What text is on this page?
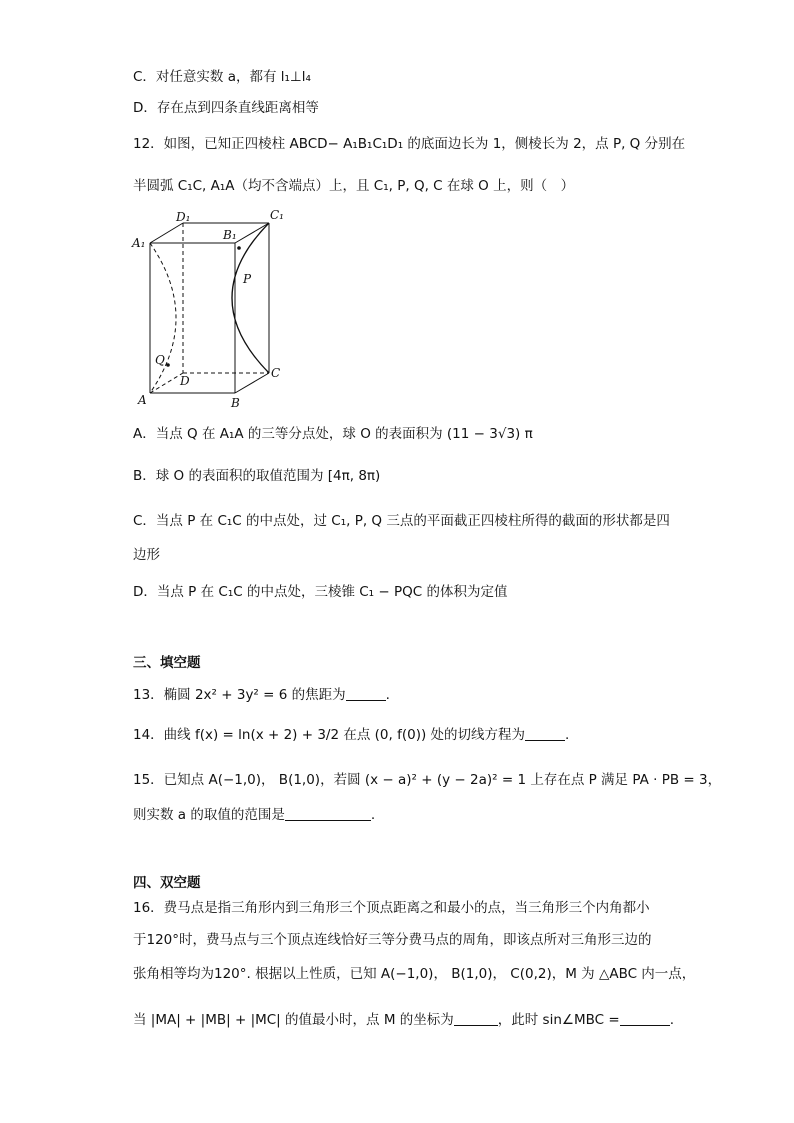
C．对任意实数 a，都有 l₁⊥l₄
D．存在点到四条直线距离相等
12．如图，已知正四棱柱 ABCD− A₁B₁C₁D₁ 的底面边长为 1，侧棱长为 2，点 P, Q 分别在
半圆弧 C₁C, A₁A（均不含端点）上，且 C₁, P, Q, C 在球 O 上，则（　）
D₁	C₁
A₁
B₁
P
Q
D
C
A	B
A．当点 Q 在 A₁A 的三等分点处，球 O 的表面积为 (11 − 3√3) π
B．球 O 的表面积的取值范围为 [4π, 8π)
C．当点 P 在 C₁C 的中点处，过 C₁, P, Q 三点的平面截正四棱柱所得的截面的形状都是四
边形
D．当点 P 在 C₁C 的中点处，三棱锥 C₁ − PQC 的体积为定值
三、填空题
13．椭圆 2x² + 3y² = 6 的焦距为	.
14．曲线 f(x) = ln(x + 2) + 3/2 在点 (0, f(0)) 处的切线方程为	.
15．已知点 A(−1,0)， B(1,0)，若圆 (x − a)² + (y − 2a)² = 1 上存在点 P 满足 PA · PB = 3，
则实数 a 的取值的范围是	.
四、双空题
16．费马点是指三角形内到三角形三个顶点距离之和最小的点，当三角形三个内角都小
于120°时，费马点与三个顶点连线恰好三等分费马点的周角，即该点所对三角形三边的
张角相等均为120°. 根据以上性质，已知 A(−1,0)， B(1,0)， C(0,2)，M 为 △ABC 内一点，
当 |MA| + |MB| + |MC| 的值最小时，点 M 的坐标为	，此时 sin∠MBC =	.
